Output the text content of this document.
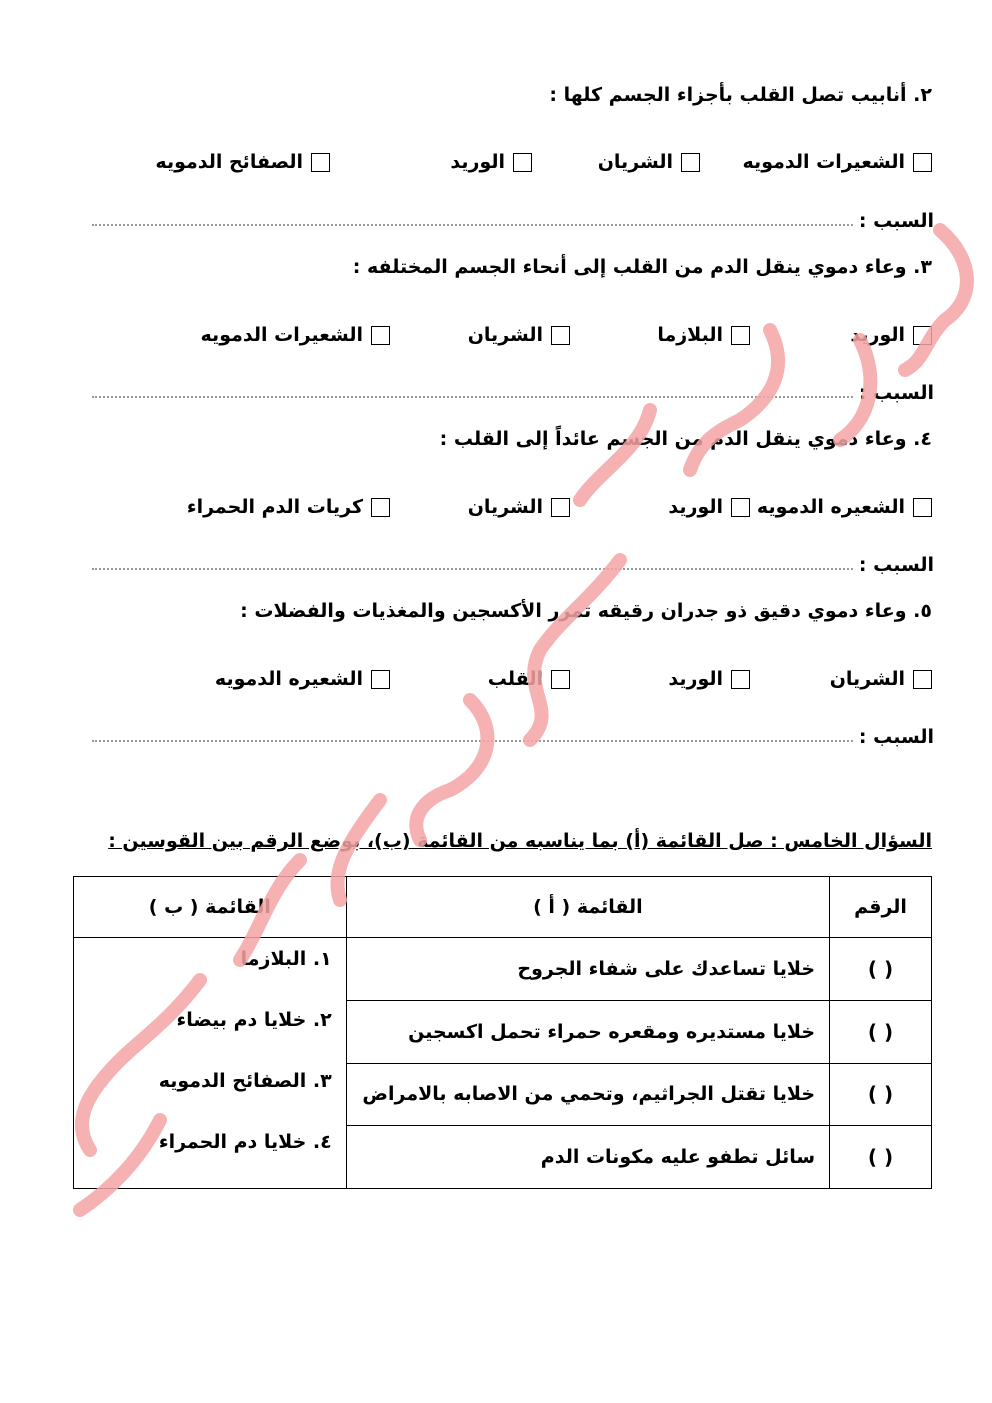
٢. أنابيب تصل القلب بأجزاء الجسم كلها :
الشعيرات الدمويه
الشريان
الوريد
الصفائح الدمويه
السبب :
٣. وعاء دموي ينقل الدم من القلب إلى أنحاء الجسم المختلفه :
الوريد
البلازما
الشريان
الشعيرات الدمويه
السبب :
٤. وعاء دموي ينقل الدم من الجسم عائداً إلى القلب :
الشعيره الدمويه
الوريد
الشريان
كريات الدم الحمراء
السبب :
٥. وعاء دموي دقيق ذو جدران رقيقه تمرر الأكسجين والمغذيات والفضلات :
الشريان
الوريد
القلب
الشعيره الدمويه
السبب :
السؤال الخامس : صل القائمة (أ) بما يناسبه من القائمة (ب)، بوضع الرقم بين القوسين :
الرقم	القائمة ( أ )	القائمة ( ب )
( )	خلايا تساعدك على شفاء الجروح	١. البلازما
٢. خلايا دم بيضاء
٣. الصفائح الدمويه
٤. خلايا دم الحمراء

( )	خلايا مستديره ومقعره حمراء تحمل اكسجين	
( )	خلايا تقتل الجراثيم، وتحمي من الاصابه بالامراض	
( )	سائل تطفو عليه مكونات الدم	
